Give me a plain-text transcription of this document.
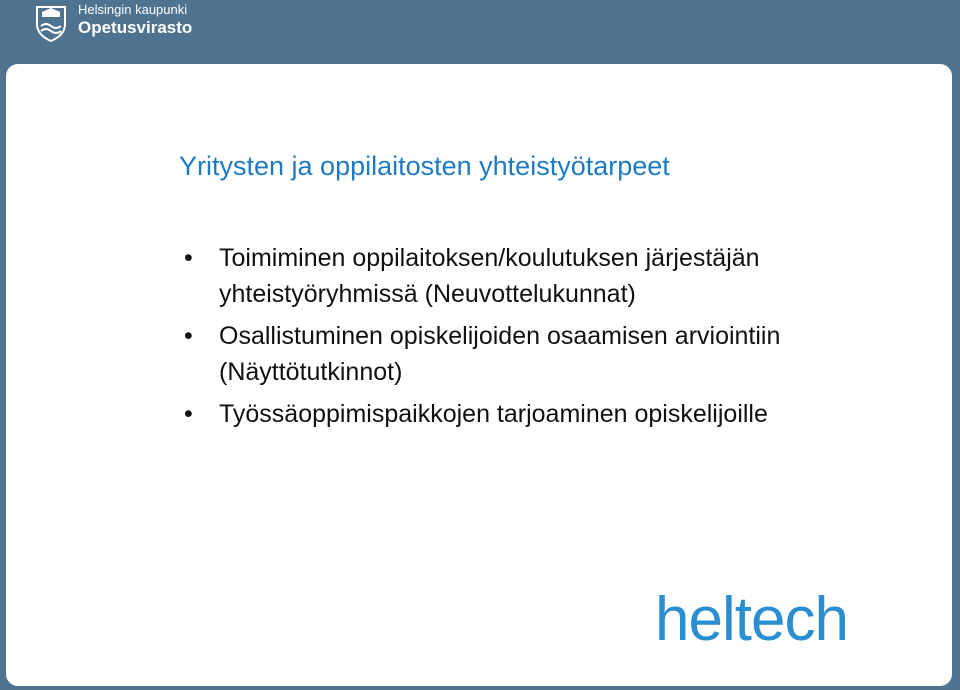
Helsingin kaupunki
Opetusvirasto
Yritysten ja oppilaitosten yhteistyötarpeet
• Toimiminen oppilaitoksen/koulutuksen järjestäjän yhteistyöryhmissä (Neuvottelukunnat)
• Osallistuminen opiskelijoiden osaamisen arviointiin (Näyttötutkinnot)
• Työssäoppimispaikkojen tarjoaminen opiskelijoille
heltech
